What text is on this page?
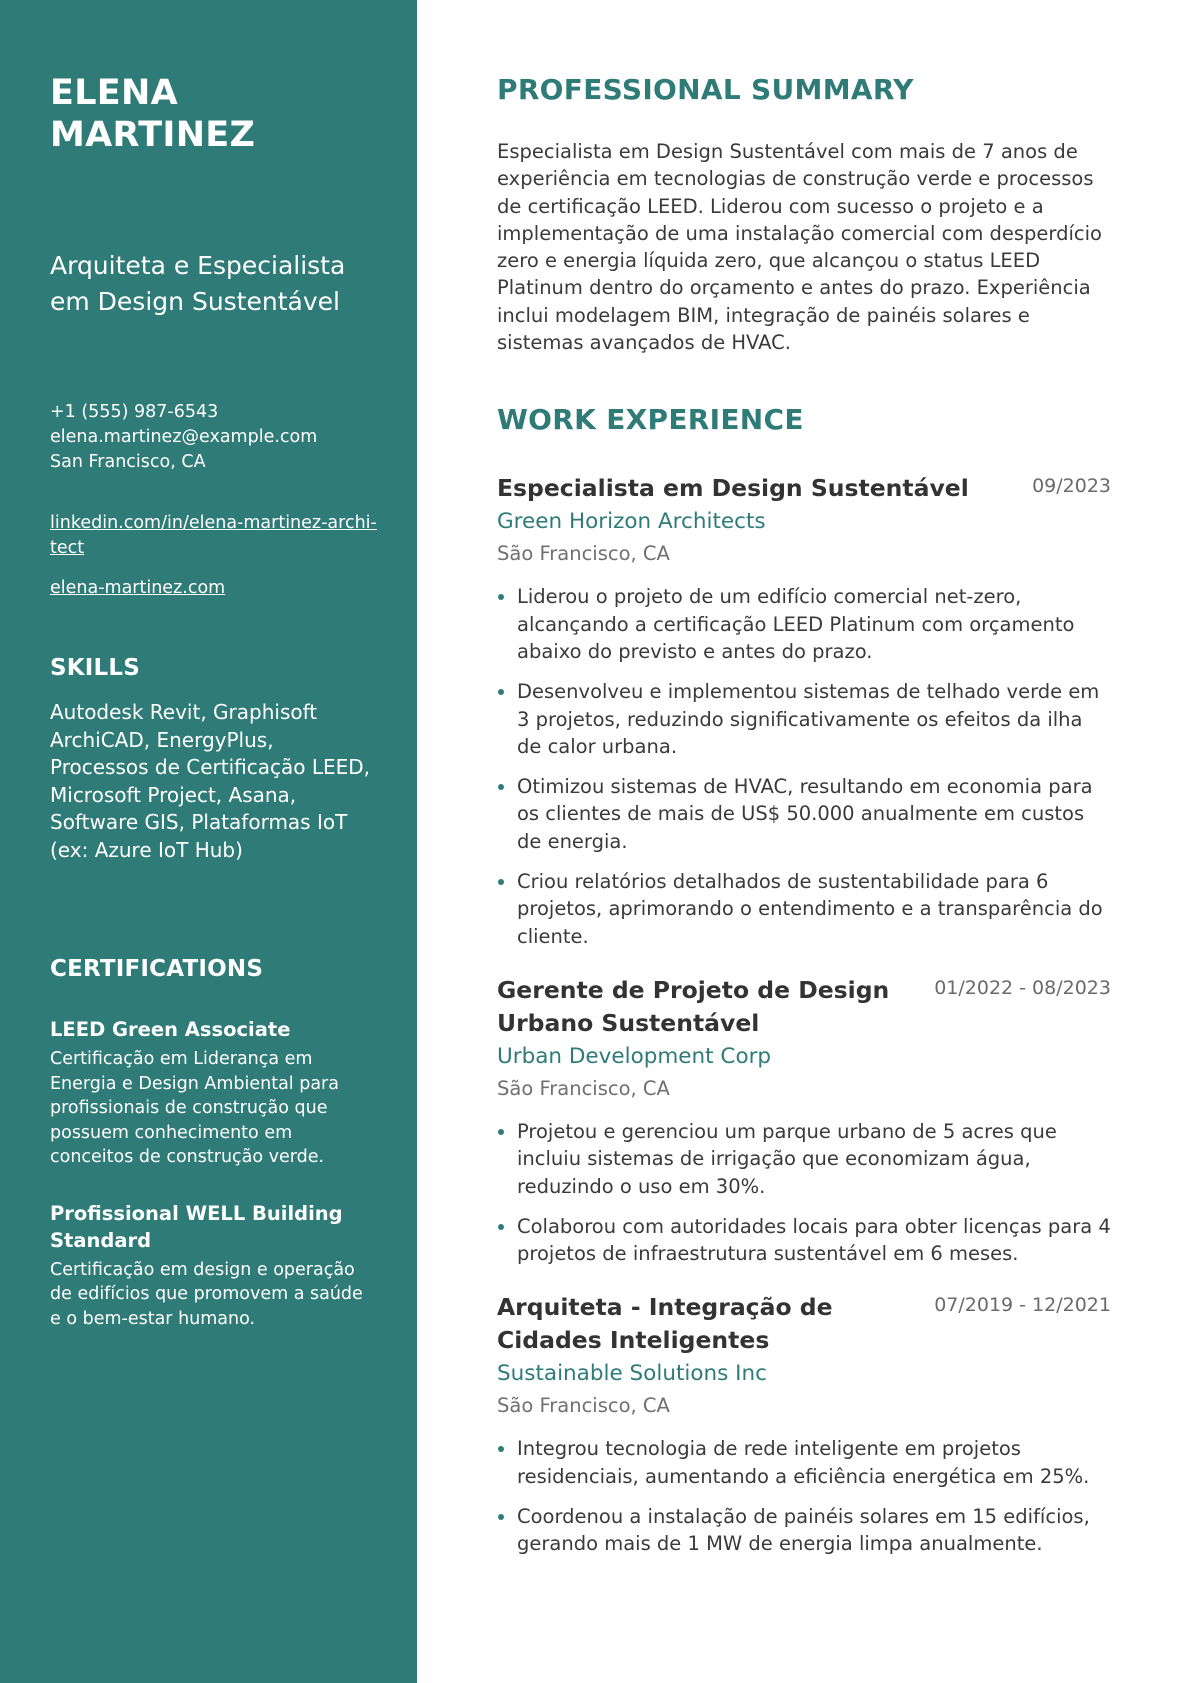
ELENA MARTINEZ
Arquiteta e Especialista em Design Sustentável
+1 (555) 987-6543
elena.martinez@example.com
San Francisco, CA
linkedin.com/in/elena-martinez-archi-tect
elena-martinez.com
SKILLS
Autodesk Revit, Graphisoft ArchiCAD, EnergyPlus, Processos de Certificação LEED, Microsoft Project, Asana, Software GIS, Plataformas IoT (ex: Azure IoT Hub)
CERTIFICATIONS
LEED Green Associate
Certificação em Liderança em Energia e Design Ambiental para profissionais de construção que possuem conhecimento em conceitos de construção verde.
Profissional WELL Building Standard
Certificação em design e operação de edifícios que promovem a saúde e o bem-estar humano.
PROFESSIONAL SUMMARY

Especialista em Design Sustentável com mais de 7 anos de experiência em tecnologias de construção verde e processos de certificação LEED. Liderou com sucesso o projeto e a implementação de uma instalação comercial com desperdício zero e energia líquida zero, que alcançou o status LEED Platinum dentro do orçamento e antes do prazo. Experiência inclui modelagem BIM, integração de painéis solares e sistemas avançados de HVAC.

WORK EXPERIENCE
Especialista em Design Sustentável	09/2023
Green Horizon Architects
São Francisco, CA
Liderou o projeto de um edifício comercial net-zero, alcançando a certificação LEED Platinum com orçamento abaixo do previsto e antes do prazo.
Desenvolveu e implementou sistemas de telhado verde em 3 projetos, reduzindo significativamente os efeitos da ilha de calor urbana.
Otimizou sistemas de HVAC, resultando em economia para os clientes de mais de US$ 50.000 anualmente em custos de energia.
Criou relatórios detalhados de sustentabilidade para 6 projetos, aprimorando o entendimento e a transparência do cliente.
Gerente de Projeto de Design Urbano Sustentável
01/2022 - 08/2023
Urban Development Corp
São Francisco, CA
Projetou e gerenciou um parque urbano de 5 acres que incluiu sistemas de irrigação que economizam água, reduzindo o uso em 30%.
Colaborou com autoridades locais para obter licenças para 4 projetos de infraestrutura sustentável em 6 meses.
Arquiteta - Integração de Cidades Inteligentes
07/2019 - 12/2021
Sustainable Solutions Inc
São Francisco, CA
Integrou tecnologia de rede inteligente em projetos residenciais, aumentando a eficiência energética em 25%.
Coordenou a instalação de painéis solares em 15 edifícios, gerando mais de 1 MW de energia limpa anualmente.
